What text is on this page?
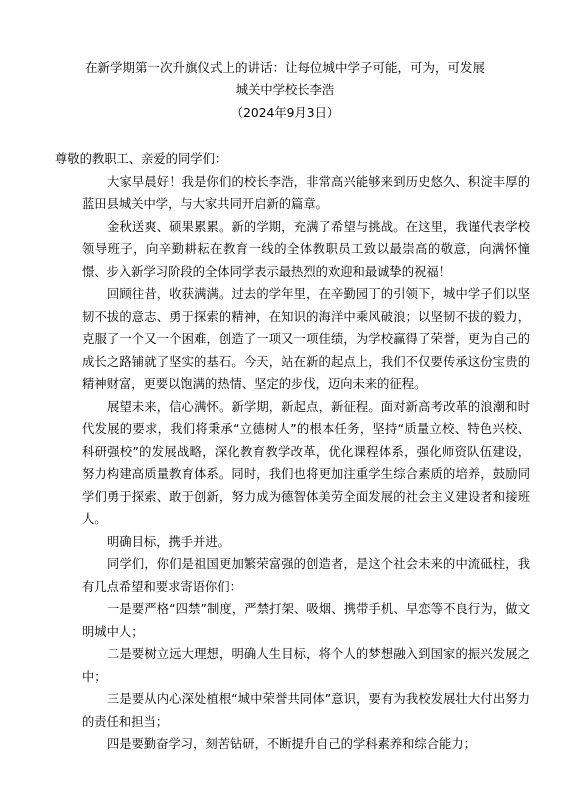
在新学期第一次升旗仪式上的讲话：让每位城中学子可能，可为，可发展
城关中学校长李浩
（2024年9月3日）
尊敬的教职工、亲爱的同学们：
大家早晨好！我是你们的校长李浩，非常高兴能够来到历史悠久、积淀丰厚的蓝田县城关中学，与大家共同开启新的篇章。
金秋送爽、硕果累累。新的学期，充满了希望与挑战。在这里，我谨代表学校领导班子，向辛勤耕耘在教育一线的全体教职员工致以最崇高的敬意，向满怀憧憬、步入新学习阶段的全体同学表示最热烈的欢迎和最诚挚的祝福！
回顾往昔，收获满满。过去的学年里，在辛勤园丁的引领下，城中学子们以坚韧不拔的意志、勇于探索的精神，在知识的海洋中乘风破浪；以坚韧不拔的毅力，克服了一个又一个困难，创造了一项又一项佳绩，为学校赢得了荣誉，更为自己的成长之路铺就了坚实的基石。今天，站在新的起点上，我们不仅要传承这份宝贵的精神财富，更要以饱满的热情、坚定的步伐，迈向未来的征程。
展望未来，信心满怀。新学期，新起点，新征程。面对新高考改革的浪潮和时代发展的要求，我们将秉承“立德树人”的根本任务，坚持“质量立校、特色兴校、科研强校”的发展战略，深化教育教学改革，优化课程体系，强化师资队伍建设，努力构建高质量教育体系。同时，我们也将更加注重学生综合素质的培养，鼓励同学们勇于探索、敢于创新，努力成为德智体美劳全面发展的社会主义建设者和接班人。
明确目标，携手并进。
同学们，你们是祖国更加繁荣富强的创造者，是这个社会未来的中流砥柱，我有几点希望和要求寄语你们：
一是要严格“四禁”制度，严禁打架、吸烟、携带手机、早恋等不良行为，做文明城中人；
二是要树立远大理想，明确人生目标，将个人的梦想融入到国家的振兴发展之中；
三是要从内心深处植根“城中荣誉共同体”意识，要有为我校发展壮大付出努力的责任和担当；
四是要勤奋学习，刻苦钻研，不断提升自己的学科素养和综合能力；
